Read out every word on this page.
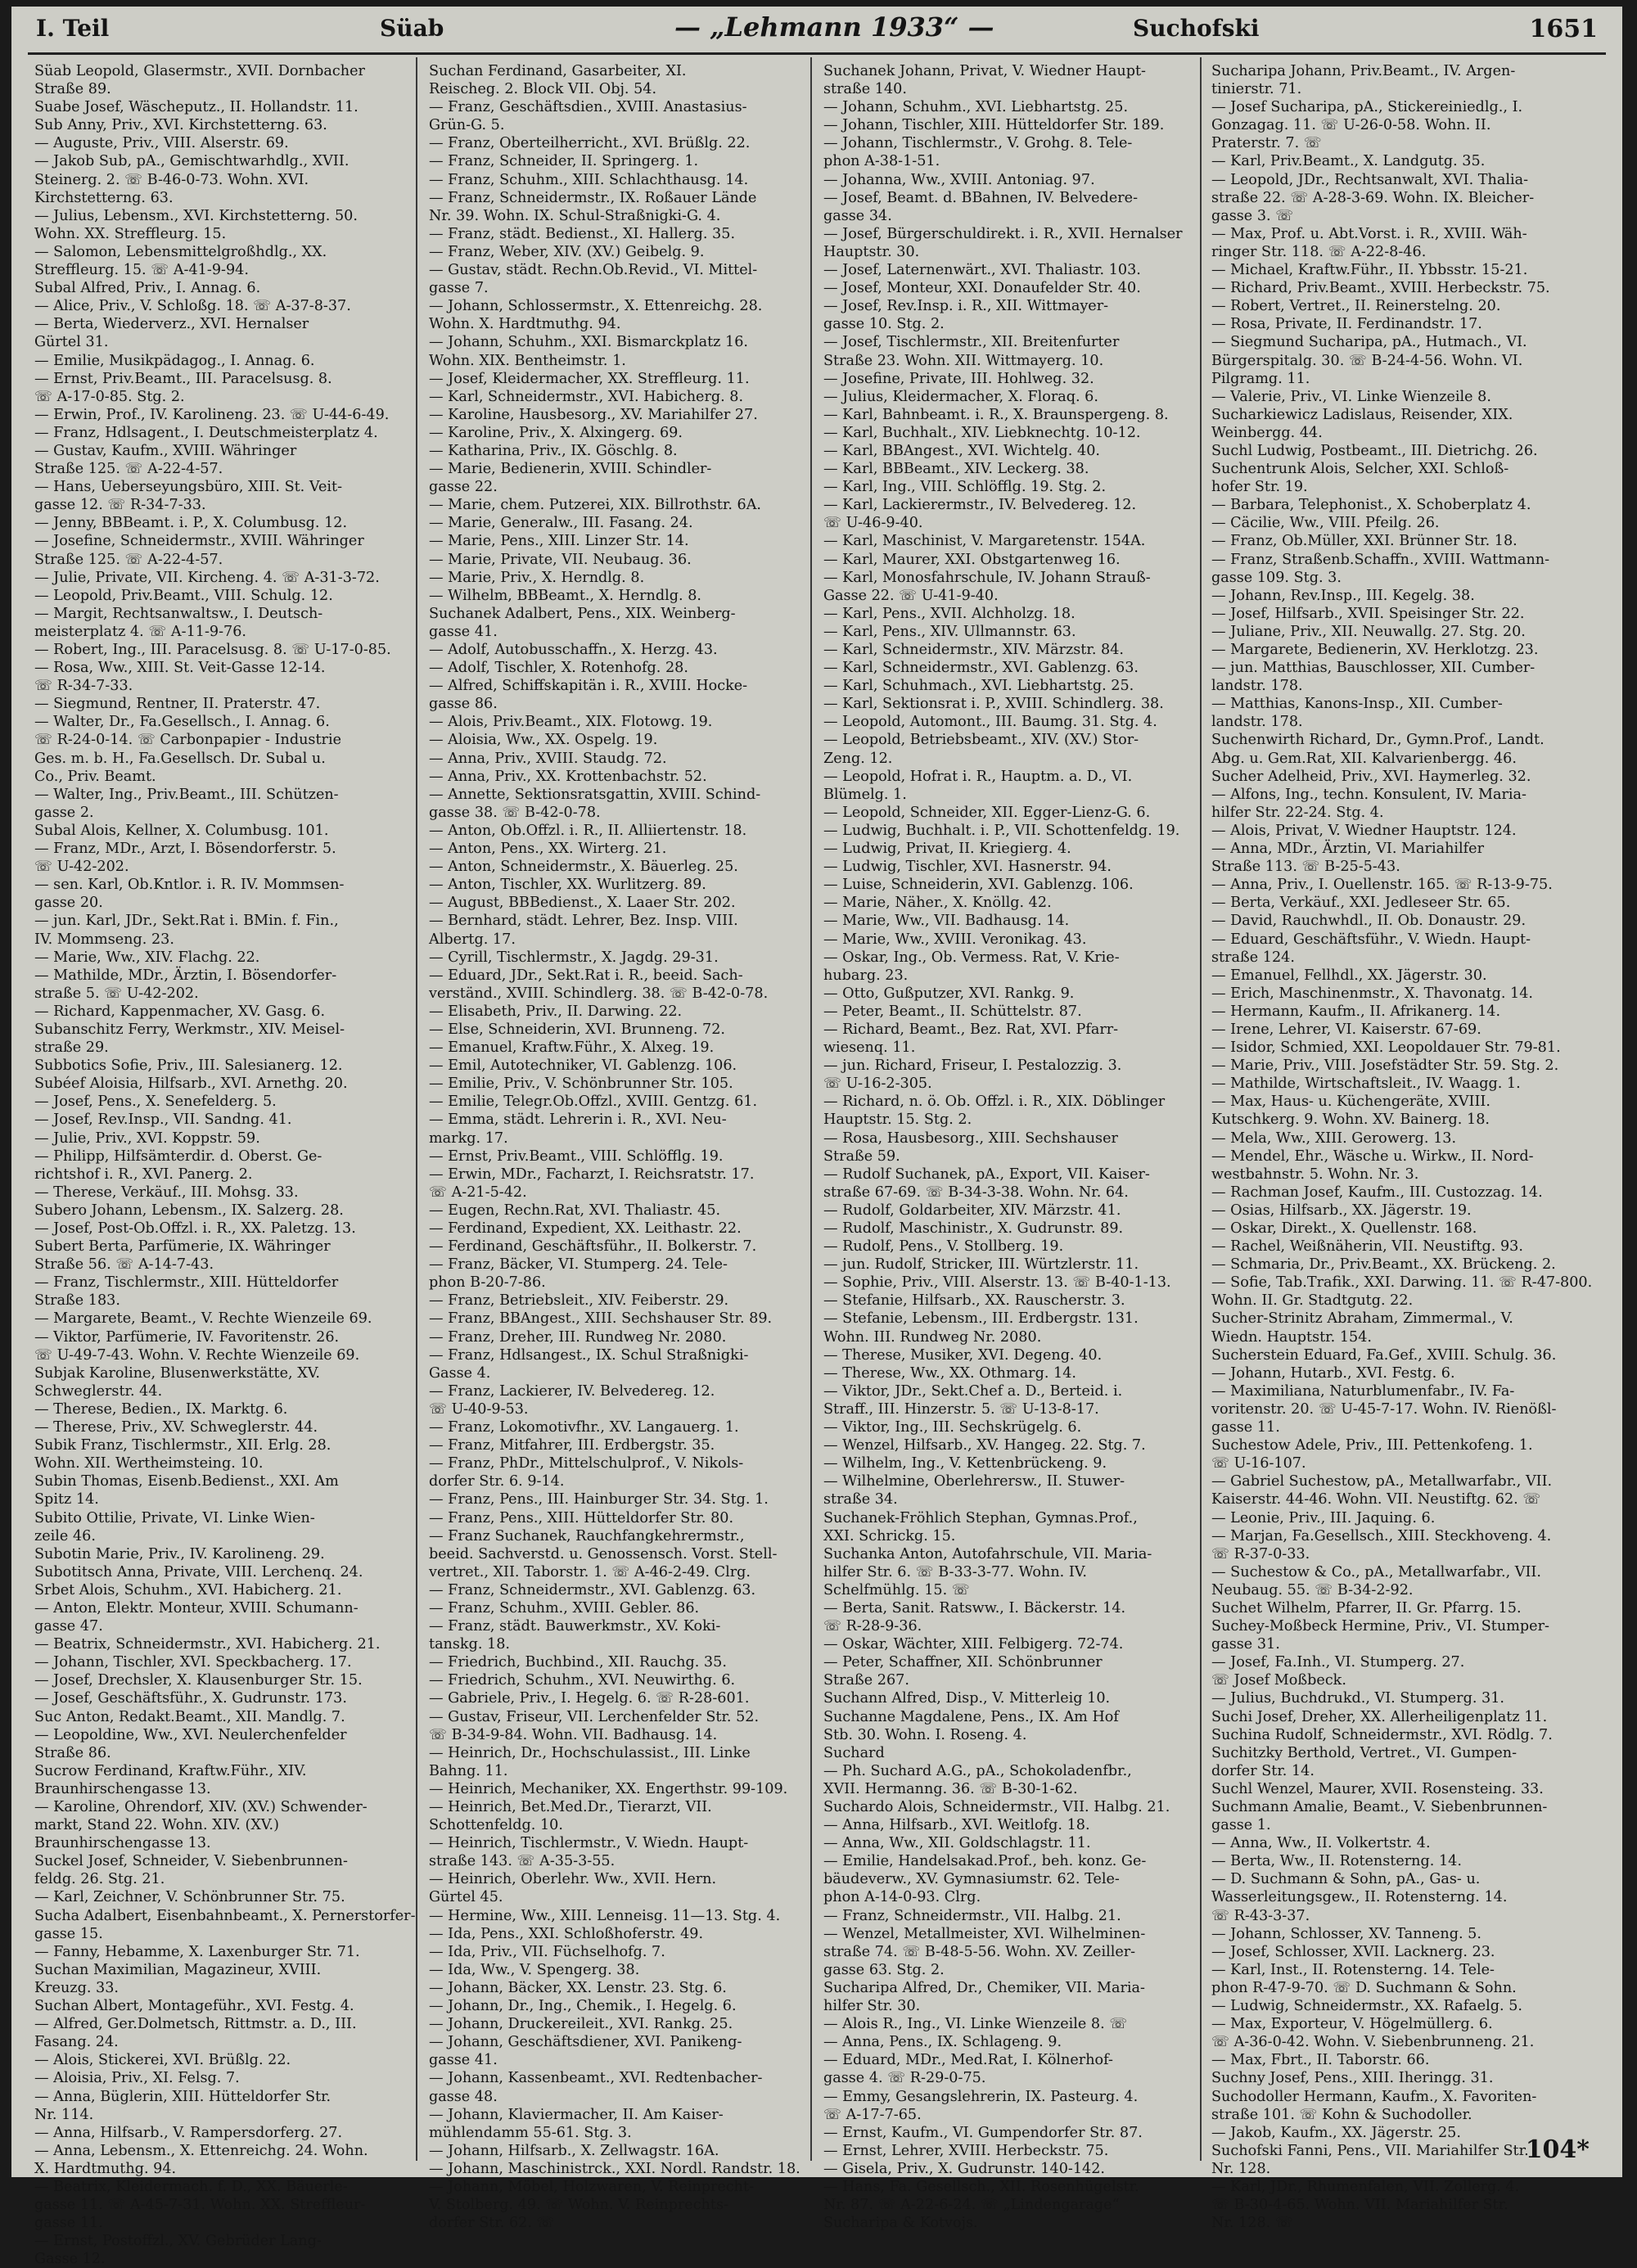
I. Teil	Süab	— „Lehmann 1933“ —	Suchofski	1651
Süab Leopold, Glasermstr., XVII. Dornbacher
Straße 89.
Suabe Josef, Wäscheputz., II. Hollandstr. 11.
Sub Anny, Priv., XVI. Kirchstetterng. 63.
— Auguste, Priv., VIII. Alserstr. 69.
— Jakob Sub, pA., Gemischtwarhdlg., XVII.
Steinerg. 2. ☏ B-46-0-73. Wohn. XVI.
Kirchstetterng. 63.
— Julius, Lebensm., XVI. Kirchstetterng. 50.
Wohn. XX. Streffleurg. 15.
— Salomon, Lebensmittelgroßhdlg., XX.
Streffleurg. 15. ☏ A-41-9-94.
Subal Alfred, Priv., I. Annag. 6.
— Alice, Priv., V. Schloßg. 18. ☏ A-37-8-37.
— Berta, Wiederverz., XVI. Hernalser
Gürtel 31.
— Emilie, Musikpädagog., I. Annag. 6.
— Ernst, Priv.Beamt., III. Paracelsusg. 8.
☏ A-17-0-85. Stg. 2.
— Erwin, Prof., IV. Karolineng. 23. ☏ U-44-6-49.
— Franz, Hdlsagent., I. Deutschmeisterplatz 4.
— Gustav, Kaufm., XVIII. Währinger
Straße 125. ☏ A-22-4-57.
— Hans, Ueberseyungsbüro, XIII. St. Veit-
gasse 12. ☏ R-34-7-33.
— Jenny, BBBeamt. i. P., X. Columbusg. 12.
— Josefine, Schneidermstr., XVIII. Währinger
Straße 125. ☏ A-22-4-57.
— Julie, Private, VII. Kircheng. 4. ☏ A-31-3-72.
— Leopold, Priv.Beamt., VIII. Schulg. 12.
— Margit, Rechtsanwaltsw., I. Deutsch-
meisterplatz 4. ☏ A-11-9-76.
— Robert, Ing., III. Paracelsusg. 8. ☏ U-17-0-85.
— Rosa, Ww., XIII. St. Veit-Gasse 12-14.
☏ R-34-7-33.
— Siegmund, Rentner, II. Praterstr. 47.
— Walter, Dr., Fa.Gesellsch., I. Annag. 6.
☏ R-24-0-14. ☏ Carbonpapier - Industrie
Ges. m. b. H., Fa.Gesellsch. Dr. Subal u.
Co., Priv. Beamt.
— Walter, Ing., Priv.Beamt., III. Schützen-
gasse 2.
Subal Alois, Kellner, X. Columbusg. 101.
— Franz, MDr., Arzt, I. Bösendorferstr. 5.
☏ U-42-202.
— sen. Karl, Ob.Kntlor. i. R. IV. Mommsen-
gasse 20.
— jun. Karl, JDr., Sekt.Rat i. BMin. f. Fin.,
IV. Mommseng. 23.
— Marie, Ww., XIV. Flachg. 22.
— Mathilde, MDr., Ärztin, I. Bösendorfer-
straße 5. ☏ U-42-202.
— Richard, Kappenmacher, XV. Gasg. 6.
Subanschitz Ferry, Werkmstr., XIV. Meisel-
straße 29.
Subbotics Sofie, Priv., III. Salesianerg. 12.
Subéef Aloisia, Hilfsarb., XVI. Arnethg. 20.
— Josef, Pens., X. Senefelderg. 5.
— Josef, Rev.Insp., VII. Sandng. 41.
— Julie, Priv., XVI. Koppstr. 59.
— Philipp, Hilfsämterdir. d. Oberst. Ge-
richtshof i. R., XVI. Panerg. 2.
— Therese, Verkäuf., III. Mohsg. 33.
Subero Johann, Lebensm., IX. Salzerg. 28.
— Josef, Post-Ob.Offzl. i. R., XX. Paletzg. 13.
Subert Berta, Parfümerie, IX. Währinger
Straße 56. ☏ A-14-7-43.
— Franz, Tischlermstr., XIII. Hütteldorfer
Straße 183.
— Margarete, Beamt., V. Rechte Wienzeile 69.
— Viktor, Parfümerie, IV. Favoritenstr. 26.
☏ U-49-7-43. Wohn. V. Rechte Wienzeile 69.
Subjak Karoline, Blusenwerkstätte, XV.
Schweglerstr. 44.
— Therese, Bedien., IX. Marktg. 6.
— Therese, Priv., XV. Schweglerstr. 44.
Subik Franz, Tischlermstr., XII. Erlg. 28.
Wohn. XII. Wertheimsteing. 10.
Subin Thomas, Eisenb.Bedienst., XXI. Am
Spitz 14.
Subito Ottilie, Private, VI. Linke Wien-
zeile 46.
Subotin Marie, Priv., IV. Karolineng. 29.
Subotitsch Anna, Private, VIII. Lerchenq. 24.
Srbet Alois, Schuhm., XVI. Habicherg. 21.
— Anton, Elektr. Monteur, XVIII. Schumann-
gasse 47.
— Beatrix, Schneidermstr., XVI. Habicherg. 21.
— Johann, Tischler, XVI. Speckbacherg. 17.
— Josef, Drechsler, X. Klausenburger Str. 15.
— Josef, Geschäftsführ., X. Gudrunstr. 173.
Suc Anton, Redakt.Beamt., XII. Mandlg. 7.
— Leopoldine, Ww., XVI. Neulerchenfelder
Straße 86.
Sucrow Ferdinand, Kraftw.Führ., XIV.
Braunhirschengasse 13.
— Karoline, Ohrendorf, XIV. (XV.) Schwender-
markt, Stand 22. Wohn. XIV. (XV.)
Braunhirschengasse 13.
Suckel Josef, Schneider, V. Siebenbrunnen-
feldg. 26. Stg. 21.
— Karl, Zeichner, V. Schönbrunner Str. 75.
Sucha Adalbert, Eisenbahnbeamt., X. Pernerstorfer-
gasse 15.
— Fanny, Hebamme, X. Laxenburger Str. 71.
Suchan Maximilian, Magazineur, XVIII.
Kreuzg. 33.
Suchan Albert, Montageführ., XVI. Festg. 4.
— Alfred, Ger.Dolmetsch, Rittmstr. a. D., III.
Fasang. 24.
— Alois, Stickerei, XVI. Brüßlg. 22.
— Aloisia, Priv., XI. Felsg. 7.
— Anna, Büglerin, XIII. Hütteldorfer Str.
Nr. 114.
— Anna, Hilfsarb., V. Rampersdorferg. 27.
— Anna, Lebensm., X. Ettenreichg. 24. Wohn.
X. Hardtmuthg. 94.
— Beatrix, Kleidermach. f. D., XX. Bäuerle-
gasse 11. ☏ A-45-7-31. Wohn. XX. Streffleur-
gasse 11.
— Ernst, Postoffzl., XV. Gebrüder Lang-
Gasse 12.
Suchan Ferdinand, Gasarbeiter, XI.
Reischeg. 2. Block VII. Obj. 54.
— Franz, Geschäftsdien., XVIII. Anastasius-
Grün-G. 5.
— Franz, Oberteilherricht., XVI. Brüßlg. 22.
— Franz, Schneider, II. Springerg. 1.
— Franz, Schuhm., XIII. Schlachthausg. 14.
— Franz, Schneidermstr., IX. Roßauer Lände
Nr. 39. Wohn. IX. Schul-Straßnigki-G. 4.
— Franz, städt. Bedienst., XI. Hallerg. 35.
— Franz, Weber, XIV. (XV.) Geibelg. 9.
— Gustav, städt. Rechn.Ob.Revid., VI. Mittel-
gasse 7.
— Johann, Schlossermstr., X. Ettenreichg. 28.
Wohn. X. Hardtmuthg. 94.
— Johann, Schuhm., XXI. Bismarckplatz 16.
Wohn. XIX. Bentheimstr. 1.
— Josef, Kleidermacher, XX. Streffleurg. 11.
— Karl, Schneidermstr., XVI. Habicherg. 8.
— Karoline, Hausbesorg., XV. Mariahilfer 27.
— Karoline, Priv., X. Alxingerg. 69.
— Katharina, Priv., IX. Göschlg. 8.
— Marie, Bedienerin, XVIII. Schindler-
gasse 22.
— Marie, chem. Putzerei, XIX. Billrothstr. 6A.
— Marie, Generalw., III. Fasang. 24.
— Marie, Pens., XIII. Linzer Str. 14.
— Marie, Private, VII. Neubaug. 36.
— Marie, Priv., X. Herndlg. 8.
— Wilhelm, BBBeamt., X. Herndlg. 8.
Suchanek Adalbert, Pens., XIX. Weinberg-
gasse 41.
— Adolf, Autobusschaffn., X. Herzg. 43.
— Adolf, Tischler, X. Rotenhofg. 28.
— Alfred, Schiffskapitän i. R., XVIII. Hocke-
gasse 86.
— Alois, Priv.Beamt., XIX. Flotowg. 19.
— Aloisia, Ww., XX. Ospelg. 19.
— Anna, Priv., XVIII. Staudg. 72.
— Anna, Priv., XX. Krottenbachstr. 52.
— Annette, Sektionsratsgattin, XVIII. Schind-
gasse 38. ☏ B-42-0-78.
— Anton, Ob.Offzl. i. R., II. Alliiertenstr. 18.
— Anton, Pens., XX. Wirterg. 21.
— Anton, Schneidermstr., X. Bäuerleg. 25.
— Anton, Tischler, XX. Wurlitzerg. 89.
— August, BBBedienst., X. Laaer Str. 202.
— Bernhard, städt. Lehrer, Bez. Insp. VIII.
Albertg. 17.
— Cyrill, Tischlermstr., X. Jagdg. 29-31.
— Eduard, JDr., Sekt.Rat i. R., beeid. Sach-
verständ., XVIII. Schindlerg. 38. ☏ B-42-0-78.
— Elisabeth, Priv., II. Darwing. 22.
— Else, Schneiderin, XVI. Brunneng. 72.
— Emanuel, Kraftw.Führ., X. Alxeg. 19.
— Emil, Autotechniker, VI. Gablenzg. 106.
— Emilie, Priv., V. Schönbrunner Str. 105.
— Emilie, Telegr.Ob.Offzl., XVIII. Gentzg. 61.
— Emma, städt. Lehrerin i. R., XVI. Neu-
markg. 17.
— Ernst, Priv.Beamt., VIII. Schlöfflg. 19.
— Erwin, MDr., Facharzt, I. Reichsratstr. 17.
☏ A-21-5-42.
— Eugen, Rechn.Rat, XVI. Thaliastr. 45.
— Ferdinand, Expedient, XX. Leithastr. 22.
— Ferdinand, Geschäftsführ., II. Bolkerstr. 7.
— Franz, Bäcker, VI. Stumperg. 24. Tele-
phon B-20-7-86.
— Franz, Betriebsleit., XIV. Feiberstr. 29.
— Franz, BBAngest., XIII. Sechshauser Str. 89.
— Franz, Dreher, III. Rundweg Nr. 2080.
— Franz, Hdlsangest., IX. Schul Straßnigki-
Gasse 4.
— Franz, Lackierer, IV. Belvedereg. 12.
☏ U-40-9-53.
— Franz, Lokomotivfhr., XV. Langauerg. 1.
— Franz, Mitfahrer, III. Erdbergstr. 35.
— Franz, PhDr., Mittelschulprof., V. Nikols-
dorfer Str. 6. 9-14.
— Franz, Pens., III. Hainburger Str. 34. Stg. 1.
— Franz, Pens., XIII. Hütteldorfer Str. 80.
— Franz Suchanek, Rauchfangkehrermstr.,
beeid. Sachverstd. u. Genossensch. Vorst. Stell-
vertret., XII. Taborstr. 1. ☏ A-46-2-49. Clrg.
— Franz, Schneidermstr., XVI. Gablenzg. 63.
— Franz, Schuhm., XVIII. Gebler. 86.
— Franz, städt. Bauwerkmstr., XV. Koki-
tanskg. 18.
— Friedrich, Buchbind., XII. Rauchg. 35.
— Friedrich, Schuhm., XVI. Neuwirthg. 6.
— Gabriele, Priv., I. Hegelg. 6. ☏ R-28-601.
— Gustav, Friseur, VII. Lerchenfelder Str. 52.
☏ B-34-9-84. Wohn. VII. Badhausg. 14.
— Heinrich, Dr., Hochschulassist., III. Linke
Bahng. 11.
— Heinrich, Mechaniker, XX. Engerthstr. 99-109.
— Heinrich, Bet.Med.Dr., Tierarzt, VII.
Schottenfeldg. 10.
— Heinrich, Tischlermstr., V. Wiedn. Haupt-
straße 143. ☏ A-35-3-55.
— Heinrich, Oberlehr. Ww., XVII. Hern.
Gürtel 45.
— Hermine, Ww., XIII. Lenneisg. 11—13. Stg. 4.
— Ida, Pens., XXI. Schloßhoferstr. 49.
— Ida, Priv., VII. Füchselhofg. 7.
— Ida, Ww., V. Spengerg. 38.
— Johann, Bäcker, XX. Lenstr. 23. Stg. 6.
— Johann, Dr., Ing., Chemik., I. Hegelg. 6.
— Johann, Druckereileit., XVI. Rankg. 25.
— Johann, Geschäftsdiener, XVI. Panikeng-
gasse 41.
— Johann, Kassenbeamt., XVI. Redtenbacher-
gasse 48.
— Johann, Klaviermacher, II. Am Kaiser-
mühlendamm 55-61. Stg. 3.
— Johann, Hilfsarb., X. Zellwagstr. 16A.
— Johann, Maschinistrck., XXI. Nordl. Randstr. 18.
— Johann, Möbel, Holzwaren, V. Reinprecht-
V. Stolberg. 49. ☏ Wohn. V. Reinprechts-
dorfer Str. 62. ☏
Suchanek Johann, Privat, V. Wiedner Haupt-
straße 140.
— Johann, Schuhm., XVI. Liebhartstg. 25.
— Johann, Tischler, XIII. Hütteldorfer Str. 189.
— Johann, Tischlermstr., V. Grohg. 8. Tele-
phon A-38-1-51.
— Johanna, Ww., XVIII. Antoniag. 97.
— Josef, Beamt. d. BBahnen, IV. Belvedere-
gasse 34.
— Josef, Bürgerschuldirekt. i. R., XVII. Hernalser
Hauptstr. 30.
— Josef, Laternenwärt., XVI. Thaliastr. 103.
— Josef, Monteur, XXI. Donaufelder Str. 40.
— Josef, Rev.Insp. i. R., XII. Wittmayer-
gasse 10. Stg. 2.
— Josef, Tischlermstr., XII. Breitenfurter
Straße 23. Wohn. XII. Wittmayerg. 10.
— Josefine, Private, III. Hohlweg. 32.
— Julius, Kleidermacher, X. Floraq. 6.
— Karl, Bahnbeamt. i. R., X. Braunspergeng. 8.
— Karl, Buchhalt., XIV. Liebknechtg. 10-12.
— Karl, BBAngest., XVI. Wichtelg. 40.
— Karl, BBBeamt., XIV. Leckerg. 38.
— Karl, Ing., VIII. Schlöfflg. 19. Stg. 2.
— Karl, Lackierermstr., IV. Belvedereg. 12.
☏ U-46-9-40.
— Karl, Maschinist, V. Margaretenstr. 154A.
— Karl, Maurer, XXI. Obstgartenweg 16.
— Karl, Monosfahrschule, IV. Johann Strauß-
Gasse 22. ☏ U-41-9-40.
— Karl, Pens., XVII. Alchholzg. 18.
— Karl, Pens., XIV. Ullmannstr. 63.
— Karl, Schneidermstr., XIV. Märzstr. 84.
— Karl, Schneidermstr., XVI. Gablenzg. 63.
— Karl, Schuhmach., XVI. Liebhartstg. 25.
— Karl, Sektionsrat i. P., XVIII. Schindlerg. 38.
— Leopold, Automont., III. Baumg. 31. Stg. 4.
— Leopold, Betriebsbeamt., XIV. (XV.) Stor-
Zeng. 12.
— Leopold, Hofrat i. R., Hauptm. a. D., VI.
Blümelg. 1.
— Leopold, Schneider, XII. Egger-Lienz-G. 6.
— Ludwig, Buchhalt. i. P., VII. Schottenfeldg. 19.
— Ludwig, Privat, II. Kriegierg. 4.
— Ludwig, Tischler, XVI. Hasnerstr. 94.
— Luise, Schneiderin, XVI. Gablenzg. 106.
— Marie, Näher., X. Knöllg. 42.
— Marie, Ww., VII. Badhausg. 14.
— Marie, Ww., XVIII. Veronikag. 43.
— Oskar, Ing., Ob. Vermess. Rat, V. Krie-
hubarg. 23.
— Otto, Gußputzer, XVI. Rankg. 9.
— Peter, Beamt., II. Schüttelstr. 87.
— Richard, Beamt., Bez. Rat, XVI. Pfarr-
wiesenq. 11.
— jun. Richard, Friseur, I. Pestalozzig. 3.
☏ U-16-2-305.
— Richard, n. ö. Ob. Offzl. i. R., XIX. Döblinger
Hauptstr. 15. Stg. 2.
— Rosa, Hausbesorg., XIII. Sechshauser
Straße 59.
— Rudolf Suchanek, pA., Export, VII. Kaiser-
straße 67-69. ☏ B-34-3-38. Wohn. Nr. 64.
— Rudolf, Goldarbeiter, XIV. Märzstr. 41.
— Rudolf, Maschinistr., X. Gudrunstr. 89.
— Rudolf, Pens., V. Stollberg. 19.
— jun. Rudolf, Stricker, III. Würtzlerstr. 11.
— Sophie, Priv., VIII. Alserstr. 13. ☏ B-40-1-13.
— Stefanie, Hilfsarb., XX. Rauscherstr. 3.
— Stefanie, Lebensm., III. Erdbergstr. 131.
Wohn. III. Rundweg Nr. 2080.
— Therese, Musiker, XVI. Degeng. 40.
— Therese, Ww., XX. Othmarg. 14.
— Viktor, JDr., Sekt.Chef a. D., Berteid. i.
Straff., III. Hinzerstr. 5. ☏ U-13-8-17.
— Viktor, Ing., III. Sechskrügelg. 6.
— Wenzel, Hilfsarb., XV. Hangeg. 22. Stg. 7.
— Wilhelm, Ing., V. Kettenbrückeng. 9.
— Wilhelmine, Oberlehrersw., II. Stuwer-
straße 34.
Suchanek-Fröhlich Stephan, Gymnas.Prof.,
XXI. Schrickg. 15.
Suchanka Anton, Autofahrschule, VII. Maria-
hilfer Str. 6. ☏ B-33-3-77. Wohn. IV.
Schelfmühlg. 15. ☏
— Berta, Sanit. Ratsww., I. Bäckerstr. 14.
☏ R-28-9-36.
— Oskar, Wächter, XIII. Felbigerg. 72-74.
— Peter, Schaffner, XII. Schönbrunner
Straße 267.
Suchann Alfred, Disp., V. Mitterleig 10.
Suchanne Magdalene, Pens., IX. Am Hof
Stb. 30. Wohn. I. Roseng. 4.
Suchard
— Ph. Suchard A.G., pA., Schokoladenfbr.,
XVII. Hermanng. 36. ☏ B-30-1-62.
Suchardo Alois, Schneidermstr., VII. Halbg. 21.
— Anna, Hilfsarb., XVI. Weitlofg. 18.
— Anna, Ww., XII. Goldschlagstr. 11.
— Emilie, Handelsakad.Prof., beh. konz. Ge-
bäudeverw., XV. Gymnasiumstr. 62. Tele-
phon A-14-0-93. Clrg.
— Franz, Schneidermstr., VII. Halbg. 21.
— Wenzel, Metallmeister, XVI. Wilhelminen-
straße 74. ☏ B-48-5-56. Wohn. XV. Zeiller-
gasse 63. Stg. 2.
Sucharipa Alfred, Dr., Chemiker, VII. Maria-
hilfer Str. 30.
— Alois R., Ing., VI. Linke Wienzeile 8. ☏
— Anna, Pens., IX. Schlageng. 9.
— Eduard, MDr., Med.Rat, I. Kölnerhof-
gasse 4. ☏ R-29-0-75.
— Emmy, Gesangslehrerin, IX. Pasteurg. 4.
☏ A-17-7-65.
— Ernst, Kaufm., VI. Gumpendorfer Str. 87.
— Ernst, Lehrer, XVIII. Herbeckstr. 75.
— Gisela, Priv., X. Gudrunstr. 140-142.
— Hans, Fa. Gesellsch., XII. Rosenhügelstr.
Nr. 87. ☏ A-22-6-24. ☏ „Lindengarage“
Sucharipa & Kotvojs.
Sucharipa Johann, Priv.Beamt., IV. Argen-
tinierstr. 71.
— Josef Sucharipa, pA., Stickereiniedlg., I.
Gonzagag. 11. ☏ U-26-0-58. Wohn. II.
Praterstr. 7. ☏
— Karl, Priv.Beamt., X. Landgutg. 35.
— Leopold, JDr., Rechtsanwalt, XVI. Thalia-
straße 22. ☏ A-28-3-69. Wohn. IX. Bleicher-
gasse 3. ☏
— Max, Prof. u. Abt.Vorst. i. R., XVIII. Wäh-
ringer Str. 118. ☏ A-22-8-46.
— Michael, Kraftw.Führ., II. Ybbsstr. 15-21.
— Richard, Priv.Beamt., XVIII. Herbeckstr. 75.
— Robert, Vertret., II. Reinerstelng. 20.
— Rosa, Private, II. Ferdinandstr. 17.
— Siegmund Sucharipa, pA., Hutmach., VI.
Bürgerspitalg. 30. ☏ B-24-4-56. Wohn. VI.
Pilgramg. 11.
— Valerie, Priv., VI. Linke Wienzeile 8.
Sucharkiewicz Ladislaus, Reisender, XIX.
Weinbergg. 44.
Suchl Ludwig, Postbeamt., III. Dietrichg. 26.
Suchentrunk Alois, Selcher, XXI. Schloß-
hofer Str. 19.
— Barbara, Telephonist., X. Schoberplatz 4.
— Cäcilie, Ww., VIII. Pfeilg. 26.
— Franz, Ob.Müller, XXI. Brünner Str. 18.
— Franz, Straßenb.Schaffn., XVIII. Wattmann-
gasse 109. Stg. 3.
— Johann, Rev.Insp., III. Kegelg. 38.
— Josef, Hilfsarb., XVII. Speisinger Str. 22.
— Juliane, Priv., XII. Neuwallg. 27. Stg. 20.
— Margarete, Bedienerin, XV. Herklotzg. 23.
— jun. Matthias, Bauschlosser, XII. Cumber-
landstr. 178.
— Matthias, Kanons-Insp., XII. Cumber-
landstr. 178.
Suchenwirth Richard, Dr., Gymn.Prof., Landt.
Abg. u. Gem.Rat, XII. Kalvarienbergg. 46.
Sucher Adelheid, Priv., XVI. Haymerleg. 32.
— Alfons, Ing., techn. Konsulent, IV. Maria-
hilfer Str. 22-24. Stg. 4.
— Alois, Privat, V. Wiedner Hauptstr. 124.
— Anna, MDr., Ärztin, VI. Mariahilfer
Straße 113. ☏ B-25-5-43.
— Anna, Priv., I. Ouellenstr. 165. ☏ R-13-9-75.
— Berta, Verkäuf., XXI. Jedleseer Str. 65.
— David, Rauchwhdl., II. Ob. Donaustr. 29.
— Eduard, Geschäftsführ., V. Wiedn. Haupt-
straße 124.
— Emanuel, Fellhdl., XX. Jägerstr. 30.
— Erich, Maschinenmstr., X. Thavonatg. 14.
— Hermann, Kaufm., II. Afrikanerg. 14.
— Irene, Lehrer, VI. Kaiserstr. 67-69.
— Isidor, Schmied, XXI. Leopoldauer Str. 79-81.
— Marie, Priv., VIII. Josefstädter Str. 59. Stg. 2.
— Mathilde, Wirtschaftsleit., IV. Waagg. 1.
— Max, Haus- u. Küchengeräte, XVIII.
Kutschkerg. 9. Wohn. XV. Bainerg. 18.
— Mela, Ww., XIII. Gerowerg. 13.
— Mendel, Ehr., Wäsche u. Wirkw., II. Nord-
westbahnstr. 5. Wohn. Nr. 3.
— Rachman Josef, Kaufm., III. Custozzag. 14.
— Osias, Hilfsarb., XX. Jägerstr. 19.
— Oskar, Direkt., X. Quellenstr. 168.
— Rachel, Weißnäherin, VII. Neustiftg. 93.
— Schmaria, Dr., Priv.Beamt., XX. Brückeng. 2.
— Sofie, Tab.Trafik., XXI. Darwing. 11. ☏ R-47-800.
Wohn. II. Gr. Stadtgutg. 22.
Sucher-Strinitz Abraham, Zimmermal., V.
Wiedn. Hauptstr. 154.
Sucherstein Eduard, Fa.Gef., XVIII. Schulg. 36.
— Johann, Hutarb., XVI. Festg. 6.
— Maximiliana, Naturblumenfabr., IV. Fa-
voritenstr. 20. ☏ U-45-7-17. Wohn. IV. Rienößl-
gasse 11.
Suchestow Adele, Priv., III. Pettenkofeng. 1.
☏ U-16-107.
— Gabriel Suchestow, pA., Metallwarfabr., VII.
Kaiserstr. 44-46. Wohn. VII. Neustiftg. 62. ☏
— Leonie, Priv., III. Jaquing. 6.
— Marjan, Fa.Gesellsch., XIII. Steckhoveng. 4.
☏ R-37-0-33.
— Suchestow & Co., pA., Metallwarfabr., VII.
Neubaug. 55. ☏ B-34-2-92.
Suchet Wilhelm, Pfarrer, II. Gr. Pfarrg. 15.
Suchey-Moßbeck Hermine, Priv., VI. Stumper-
gasse 31.
— Josef, Fa.Inh., VI. Stumperg. 27.
☏ Josef Moßbeck.
— Julius, Buchdrukd., VI. Stumperg. 31.
Suchi Josef, Dreher, XX. Allerheiligenplatz 11.
Suchina Rudolf, Schneidermstr., XVI. Rödlg. 7.
Suchitzky Berthold, Vertret., VI. Gumpen-
dorfer Str. 14.
Suchl Wenzel, Maurer, XVII. Rosensteing. 33.
Suchmann Amalie, Beamt., V. Siebenbrunnen-
gasse 1.
— Anna, Ww., II. Volkertstr. 4.
— Berta, Ww., II. Rotensterng. 14.
— D. Suchmann & Sohn, pA., Gas- u.
Wasserleitungsgew., II. Rotensterng. 14.
☏ R-43-3-37.
— Johann, Schlosser, XV. Tanneng. 5.
— Josef, Schlosser, XVII. Lacknerg. 23.
— Karl, Inst., II. Rotensterng. 14. Tele-
phon R-47-9-70. ☏ D. Suchmann & Sohn.
— Ludwig, Schneidermstr., XX. Rafaelg. 5.
— Max, Exporteur, V. Högelmüllerg. 6.
☏ A-36-0-42. Wohn. V. Siebenbrunneng. 21.
— Max, Fbrt., II. Taborstr. 66.
Suchny Josef, Pens., XIII. Iheringg. 31.
Suchodoller Hermann, Kaufm., X. Favoriten-
straße 101. ☏ Kohn & Suchodoller.
— Jakob, Kaufm., XX. Jägerstr. 25.
Suchofski Fanni, Pens., VII. Mariahilfer Str.
Nr. 128.
— Karl, JDr., Rhumenfalen, VII. Zollerg. 4.
☏ B-30-4-65. Wohn. VII. Mariahilfer Str.
Nr. 128. ☏
104*
